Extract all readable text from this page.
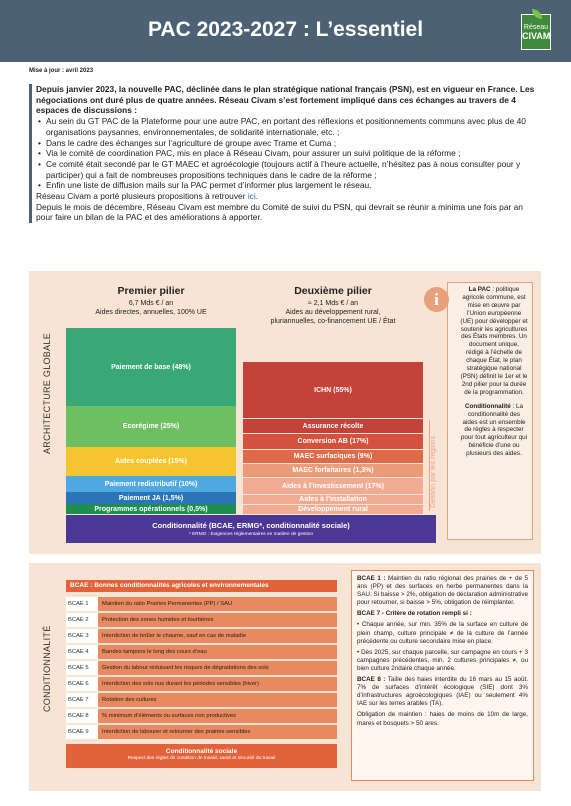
PAC 2023-2027 : L’essentiel	Réseau
CIVAM
Mise à jour : avril 2023
Depuis janvier 2023, la nouvelle PAC, déclinée dans le plan stratégique national français (PSN), est en vigueur en France. Les négociations ont duré plus de quatre années. Réseau Civam s’est fortement impliqué dans ces échanges au travers de 4 espaces de discussions :
• Au sein du GT PAC de la Plateforme pour une autre PAC, en portant des réflexions et positionnements communs avec plus de 40 organisations paysannes, environnementales, de solidarité internationale, etc. ;
• Dans le cadre des échanges sur l’agriculture de groupe avec Trame et Cuma ;
• Via le comité de coordination PAC, mis en place à Réseau Civam, pour assurer un suivi politique de la réforme ;
• Ce comité était secondé par le GT MAEC et agroécologie (toujours actif à l’heure actuelle, n’hésitez pas à nous consulter pour y participer) qui a fait de nombreuses propositions techniques dans le cadre de la réforme ;
• Enfin une liste de diffusion mails sur la PAC permet d’informer plus largement le réseau.
Réseau Civam a porté plusieurs propositions à retrouver ici.
Depuis le mois de décembre, Réseau Civam est membre du Comité de suivi du PSN, qui devrait se réunir a minima une fois par an pour faire un bilan de la PAC et des améliorations à apporter.
ARCHITECTURE GLOBALE
Premier pilier
6,7 Mds € / an
Aides directes, annuelles, 100% UE
Deuxième pilier
≈ 2,1 Mds € / an
Aides au développement rural,
pluriannuelles, co-financement UE / État
Paiement de base (48%)
Ecorégime (25%)
Aides couplées (15%)
Paiement redistributif (10%)
Paiement JA (1,5%)
Programmes opérationnels (0,5%)
ICHN (55%)
Assurance récolte
Conversion AB (17%)
MAEC surfaciques (9%)
MAEC forfaitaires (1,3%)
Aides à l’investissement (17%)
Aides à l’installation
Développement rural
Gestion par les régions
Conditionnalité (BCAE, ERMG*, conditionnalité sociale)
* ERMG : Exigences réglementaires en matière de gestion

La PAC : politique agricole commune, est mise en œuvre par l’Union européenne (UE) pour développer et soutenir les agricultures des États membres. Un document unique, rédigé à l’échelle de chaque État, le plan stratégique national (PSN) définit le 1er et le 2nd pilier pour la durée de la programmation.

Conditionnalité : La conditionnalité des aides est un ensemble de règles à respecter pour tout agriculteur qui bénéficie d’une ou plusieurs des aides.

i
CONDITIONNALITÉ
BCAE : Bonnes conditionnalités agricoles et environnementales
BCAE 1 Maintien du ratio Prairies Permanentes (PP) / SAU
BCAE 2 Protection des zones humides et tourbières
BCAE 3 Interdiction de brûler le chaume, sauf en cas de maladie
BCAE 4 Bandes tampons le long des cours d’eau
BCAE 5 Gestion du labour réduisant les risques de dégradations des sols
BCAE 6 Interdiction des sols nus durant les périodes sensibles (hiver)
BCAE 7 Rotation des cultures
BCAE 8 % minimum d’éléments ou surfaces non productives
BCAE 9 Interdiction de labourer et retourner des prairies sensibles
Conditionnalité sociale
Respect des règles de condition de travail, santé et sécurité du travail

BCAE 1 : Maintien du ratio régional des prairies de + de 5 ans (PP) et des surfaces en herbe permanentes dans la SAU. Si baisse > 2%, obligation de déclaration administrative pour retourner, si baisse > 5%, obligation de réimplanter.

BCAE 7 - Critère de rotation rempli si :

• Chaque année, sur min. 35% de la surface en culture de plein champ, culture principale ≠ de la culture de l’année précédente ou culture secondaire mise en place.

• Dès 2025, sur chaque parcelle, sur campagne en cours + 3 campagnes précédentes, min. 2 cultures principales ≠, ou bien culture 2ndaire chaque année.

BCAE 8 : Taille des haies interdite du 16 mars au 15 août. 7% de surfaces d’intérêt écologique (SIE) dont 3% d’infrastructures agroécologiques (IAE) ou seulement 4% IAE sur les terres arables (TA).

Obligation de maintien : haies de moins de 10m de large, mares et bosquets > 50 ares.
